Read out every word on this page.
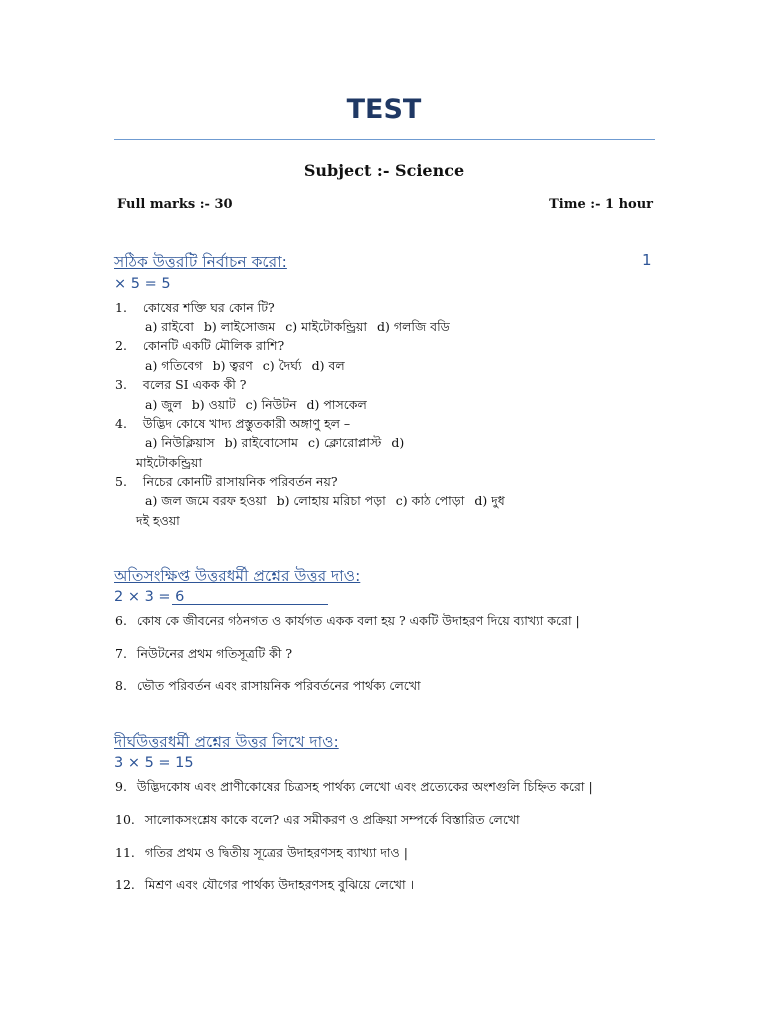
TEST
Subject :- Science
Full marks :- 30	Time :- 1 hour
সঠিক উত্তরটি নির্বাচন করো:	1
× 5 = 5
1. কোষের শক্তি ঘর কোন টি?
a) রাইবো b) লাইসোজম c) মাইটোকন্ড্রিয়া d) গলজি বডি
2. কোনটি একটি মৌলিক রাশি?
a) গতিবেগ b) ত্বরণ c) দৈর্ঘ্য d) বল
3. বলের SI একক কী ?
a) জুল b) ওয়াট c) নিউটন d) পাসকেল
4. উদ্ভিদ কোষে খাদ্য প্রস্তুতকারী অঙ্গাণু হল –
a) নিউক্লিয়াস b) রাইবোসোম c) ক্লোরোপ্লাস্ট d)
মাইটোকন্ড্রিয়া
5. নিচের কোনটি রাসায়নিক পরিবর্তন নয়?
a) জল জমে বরফ হওয়া b) লোহায় মরিচা পড়া c) কাঠ পোড়া d) দুধ
দই হওয়া
অতিসংক্ষিপ্ত উত্তরধর্মী প্রশ্নের উত্তর দাও:
2 × 3 = 6
6. কোষ কে জীবনের গঠনগত ও কার্যগত একক বলা হয় ? একটি উদাহরণ দিয়ে ব্যাখ্যা করো |
7. নিউটনের প্রথম গতিসূত্রটি কী ?
8. ভৌত পরিবর্তন এবং রাসায়নিক পরিবর্তনের পার্থক্য লেখো
দীর্ঘউত্তরধর্মী প্রশ্নের উত্তর লিখে দাও:
3 × 5 = 15
9. উদ্ভিদকোষ এবং প্রাণীকোষের চিত্রসহ পার্থক্য লেখো এবং প্রত্যেকের অংশগুলি চিহ্নিত করো |
10. সালোকসংশ্লেষ কাকে বলে? এর সমীকরণ ও প্রক্রিয়া সম্পর্কে বিস্তারিত লেখো
11. গতির প্রথম ও দ্বিতীয় সূত্রের উদাহরণসহ ব্যাখ্যা দাও |
12. মিশ্রণ এবং যৌগের পার্থক্য উদাহরণসহ বুঝিয়ে লেখো ।
